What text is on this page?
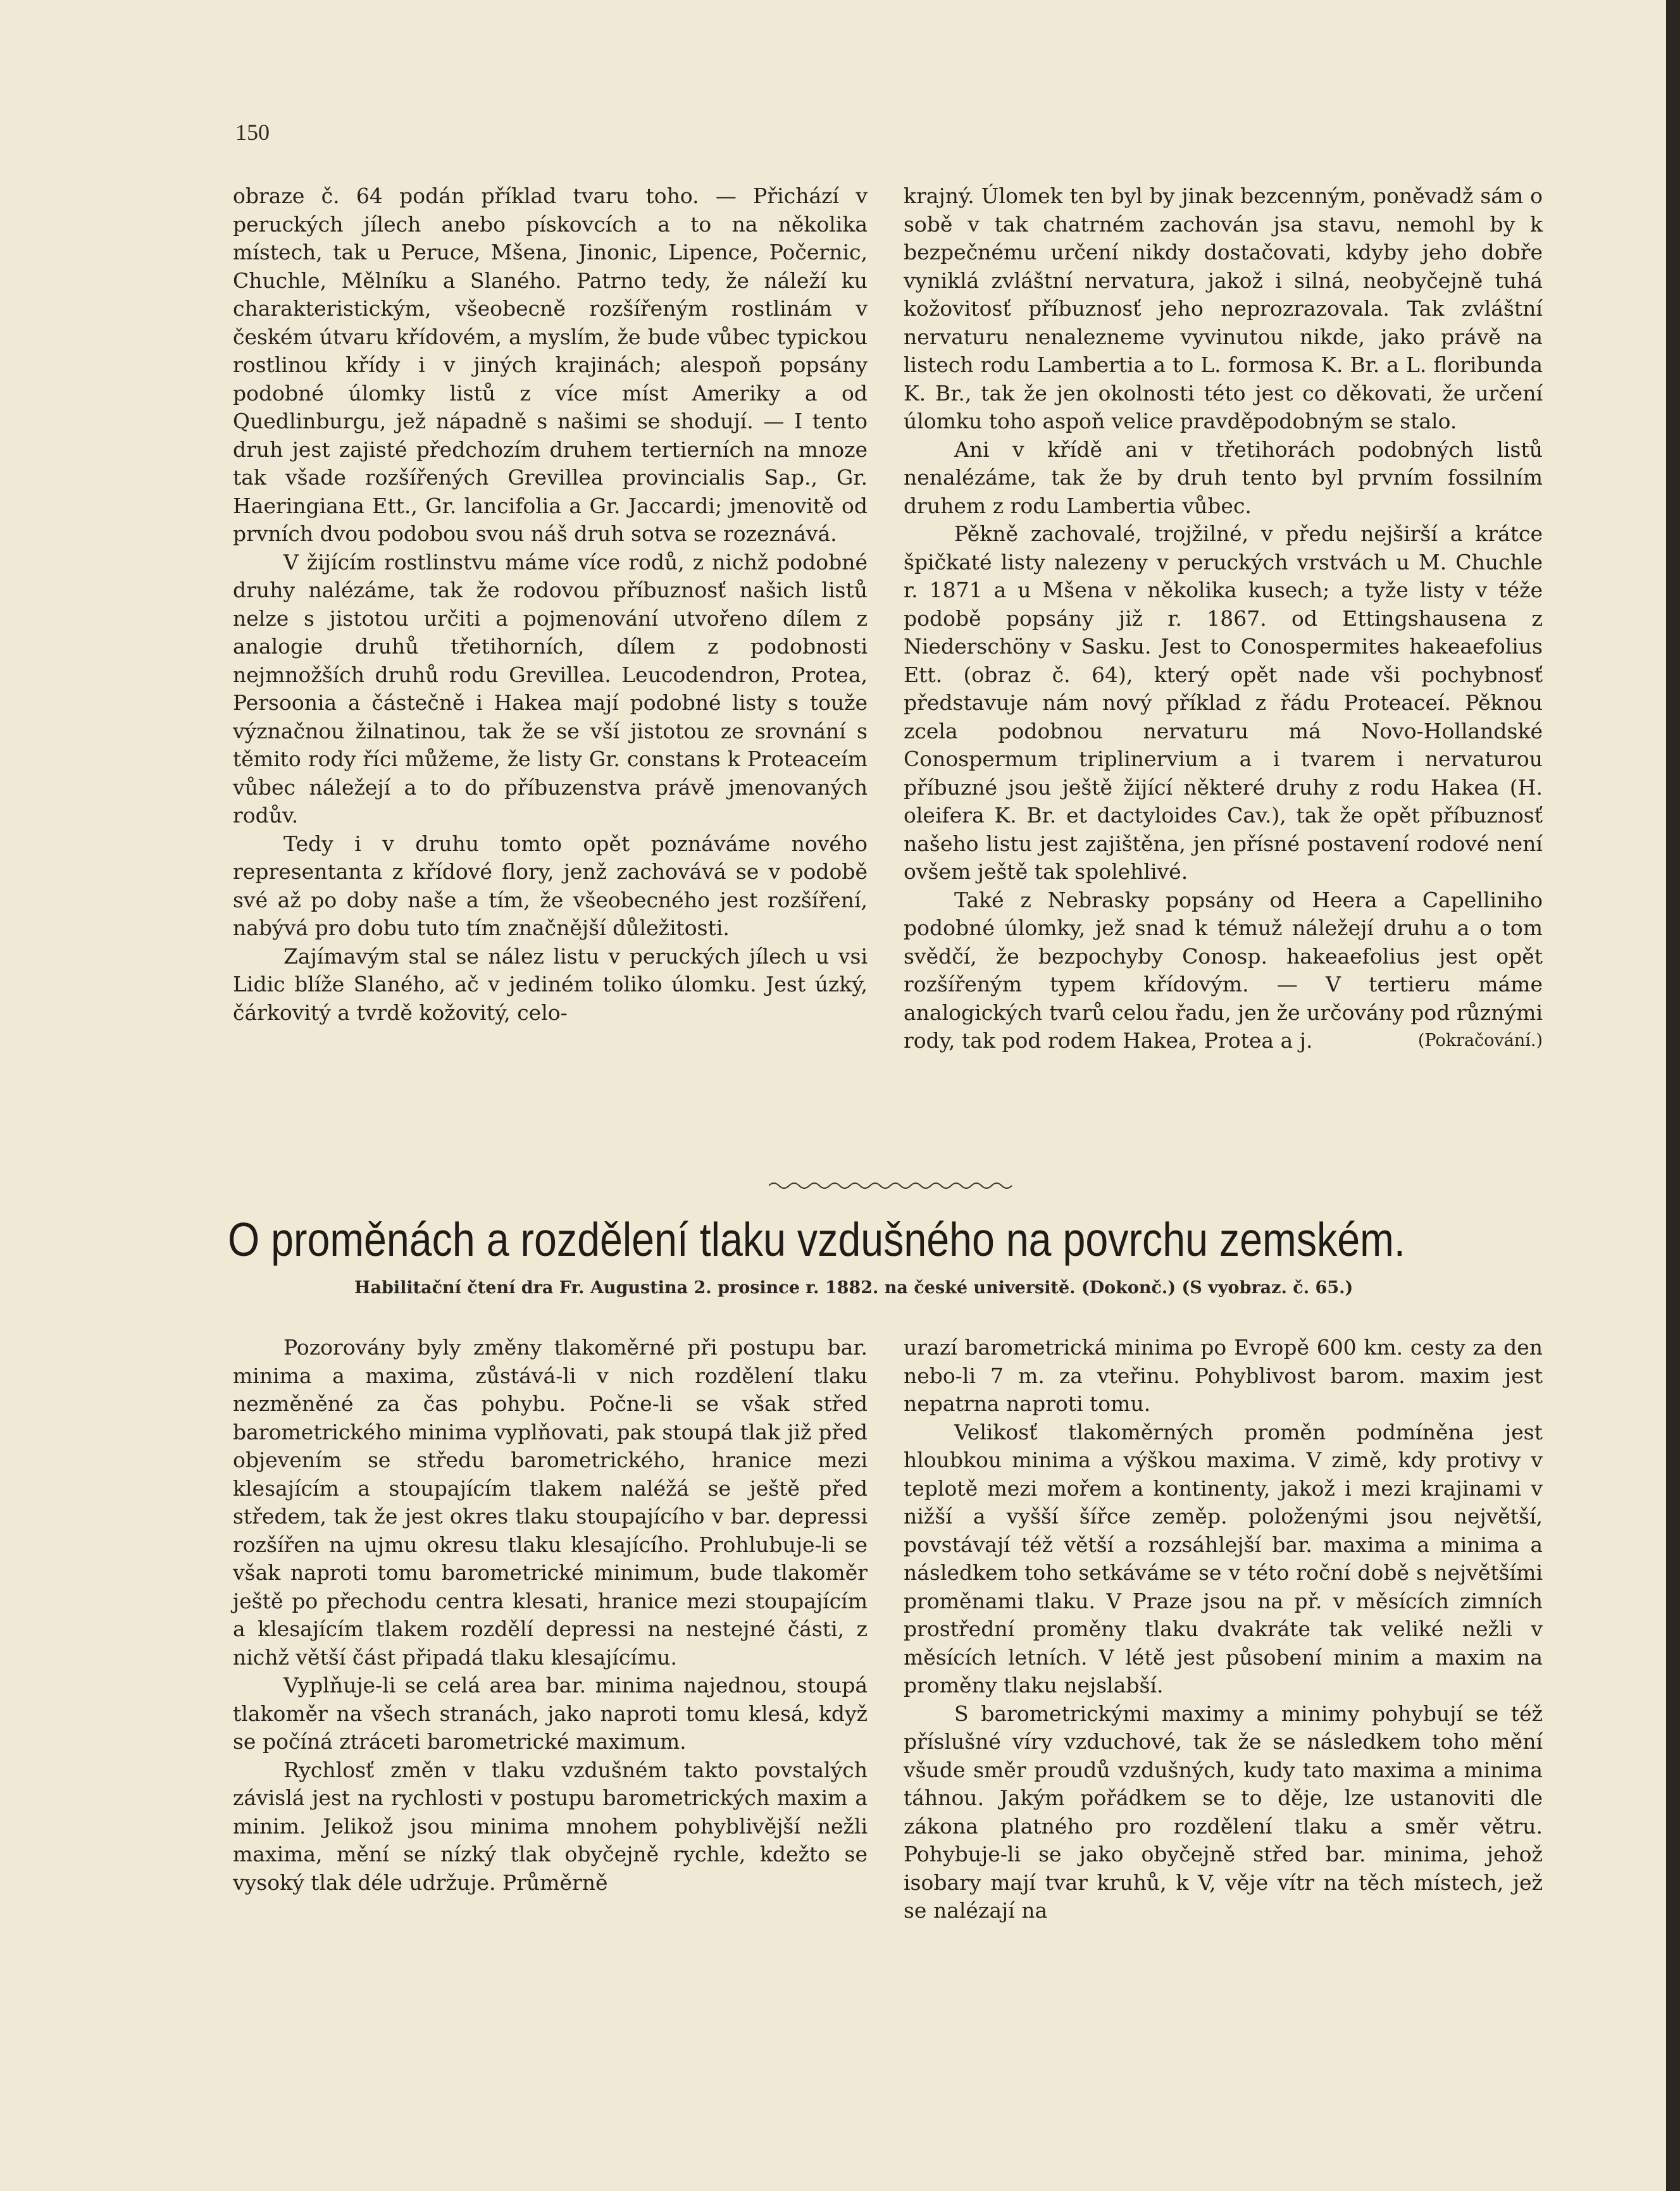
150

obraze č. 64 podán příklad tvaru toho. — Přichází v peruckých jílech anebo pískovcích a to na několika místech, tak u Peruce, Mšena, Jinonic, Lipence, Počernic, Chuchle, Mělníku a Slaného. Patrno tedy, že náleží ku charakteristickým, všeobecně rozšířeným rostlinám v českém útvaru křídovém, a myslím, že bude vůbec typickou rostlinou křídy i v jiných krajinách; alespoň popsány podobné úlomky listů z více míst Ameriky a od Quedlinburgu, jež nápadně s našimi se shodují. — I tento druh jest zajisté předchozím druhem tertierních na mnoze tak všade rozšířených Grevillea provincialis Sap., Gr. Haeringiana Ett., Gr. lancifolia a Gr. Jaccardi; jmenovitě od prvních dvou podobou svou náš druh sotva se rozeznává.

V žijícím rostlinstvu máme více rodů, z nichž podobné druhy nalézáme, tak že rodovou příbuznosť našich listů nelze s jistotou určiti a pojmenování utvořeno dílem z analogie druhů třetihorních, dílem z podobnosti nejmnožších druhů rodu Grevillea. Leucodendron, Protea, Persoonia a částečně i Hakea mají podobné listy s touže význačnou žilnatinou, tak že se vší jistotou ze srovnání s těmito rody říci můžeme, že listy Gr. constans k Proteaceím vůbec náležejí a to do příbuzenstva právě jmenovaných rodův.

Tedy i v druhu tomto opět poznáváme nového representanta z křídové flory, jenž zachovává se v podobě své až po doby naše a tím, že všeobecného jest rozšíření, nabývá pro dobu tuto tím značnější důležitosti.

Zajímavým stal se nález listu v peruckých jílech u vsi Lidic blíže Slaného, ač v jediném toliko úlomku. Jest úzký, čárkovitý a tvrdě kožovitý, celo-

krajný. Úlomek ten byl by jinak bezcenným, poněvadž sám o sobě v tak chatrném zachován jsa stavu, nemohl by k bezpečnému určení nikdy dostačovati, kdyby jeho dobře vyniklá zvláštní nervatura, jakož i silná, neobyčejně tuhá kožovitosť příbuznosť jeho neprozrazovala. Tak zvláštní nervaturu nenalezneme vyvinutou nikde, jako právě na listech rodu Lambertia a to L. formosa K. Br. a L. floribunda K. Br., tak že jen okolnosti této jest co děkovati, že určení úlomku toho aspoň velice pravděpodobným se stalo.

Ani v křídě ani v třetihorách podobných listů nenalézáme, tak že by druh tento byl prvním fossilním druhem z rodu Lambertia vůbec.

Pěkně zachovalé, trojžilné, v předu nejširší a krátce špičkaté listy nalezeny v peruckých vrstvách u M. Chuchle r. 1871 a u Mšena v několika kusech; a tyže listy v téže podobě popsány již r. 1867. od Ettingshausena z Niederschöny v Sasku. Jest to Conospermites hakeaefolius Ett. (obraz č. 64), který opět nade vši pochybnosť představuje nám nový příklad z řádu Proteaceí. Pěknou zcela podobnou nervaturu má Novo-Hollandské Conospermum triplinervium a i tvarem i nervaturou příbuzné jsou ještě žijící některé druhy z rodu Hakea (H. oleifera K. Br. et dactyloides Cav.), tak že opět příbuznosť našeho listu jest zajištěna, jen přísné postavení rodové není ovšem ještě tak spolehlivé.

Také z Nebrasky popsány od Heera a Capelliniho podobné úlomky, jež snad k témuž náležejí druhu a o tom svědčí, že bezpochyby Conosp. hakeaefolius jest opět rozšířeným typem křídovým. — V tertieru máme analogických tvarů celou řadu, jen že určovány pod různými rody, tak pod rodem Hakea, Protea a j.	(Pokračování.)

O proměnách a rozdělení tlaku vzdušného na povrchu zemském.
Habilitační čtení dra Fr. Augustina 2. prosince r. 1882. na české universitě. (Dokonč.) (S vyobraz. č. 65.)

Pozorovány byly změny tlakoměrné při postupu bar. minima a maxima, zůstává-li v nich rozdělení tlaku nezměněné za čas pohybu. Počne-li se však střed barometrického minima vyplňovati, pak stoupá tlak již před objevením se středu barometrického, hranice mezi klesajícím a stoupajícím tlakem naléžá se ještě před středem, tak že jest okres tlaku stoupajícího v bar. depressi rozšířen na ujmu okresu tlaku klesajícího. Prohlubuje-li se však naproti tomu barometrické minimum, bude tlakoměr ještě po přechodu centra klesati, hranice mezi stoupajícím a klesajícím tlakem rozdělí depressi na nestejné části, z nichž větší část připadá tlaku klesajícímu.

Vyplňuje-li se celá area bar. minima najednou, stoupá tlakoměr na všech stranách, jako naproti tomu klesá, když se počíná ztráceti barometrické maximum.

Rychlosť změn v tlaku vzdušném takto povstalých závislá jest na rychlosti v postupu barometrických maxim a minim. Jelikož jsou minima mnohem pohyblivější nežli maxima, mění se nízký tlak obyčejně rychle, kdežto se vysoký tlak déle udržuje. Průměrně

urazí barometrická minima po Evropě 600 km. cesty za den nebo-li 7 m. za vteřinu. Pohyblivost barom. maxim jest nepatrna naproti tomu.

Velikosť tlakoměrných proměn podmíněna jest hloubkou minima a výškou maxima. V zimě, kdy protivy v teplotě mezi mořem a kontinenty, jakož i mezi krajinami v nižší a vyšší šířce zeměp. položenými jsou největší, povstávají též větší a rozsáhlejší bar. maxima a minima a následkem toho setkáváme se v této roční době s největšími proměnami tlaku. V Praze jsou na př. v měsících zimních prostřední proměny tlaku dvakráte tak veliké nežli v měsících letních. V létě jest působení minim a maxim na proměny tlaku nejslabší.

S barometrickými maximy a minimy pohybují se též příslušné víry vzduchové, tak že se následkem toho mění všude směr proudů vzdušných, kudy tato maxima a minima táhnou. Jakým pořádkem se to děje, lze ustanoviti dle zákona platného pro rozdělení tlaku a směr větru. Pohybuje-li se jako obyčejně střed bar. minima, jehož isobary mají tvar kruhů, k V, věje vítr na těch místech, jež se nalézají na
